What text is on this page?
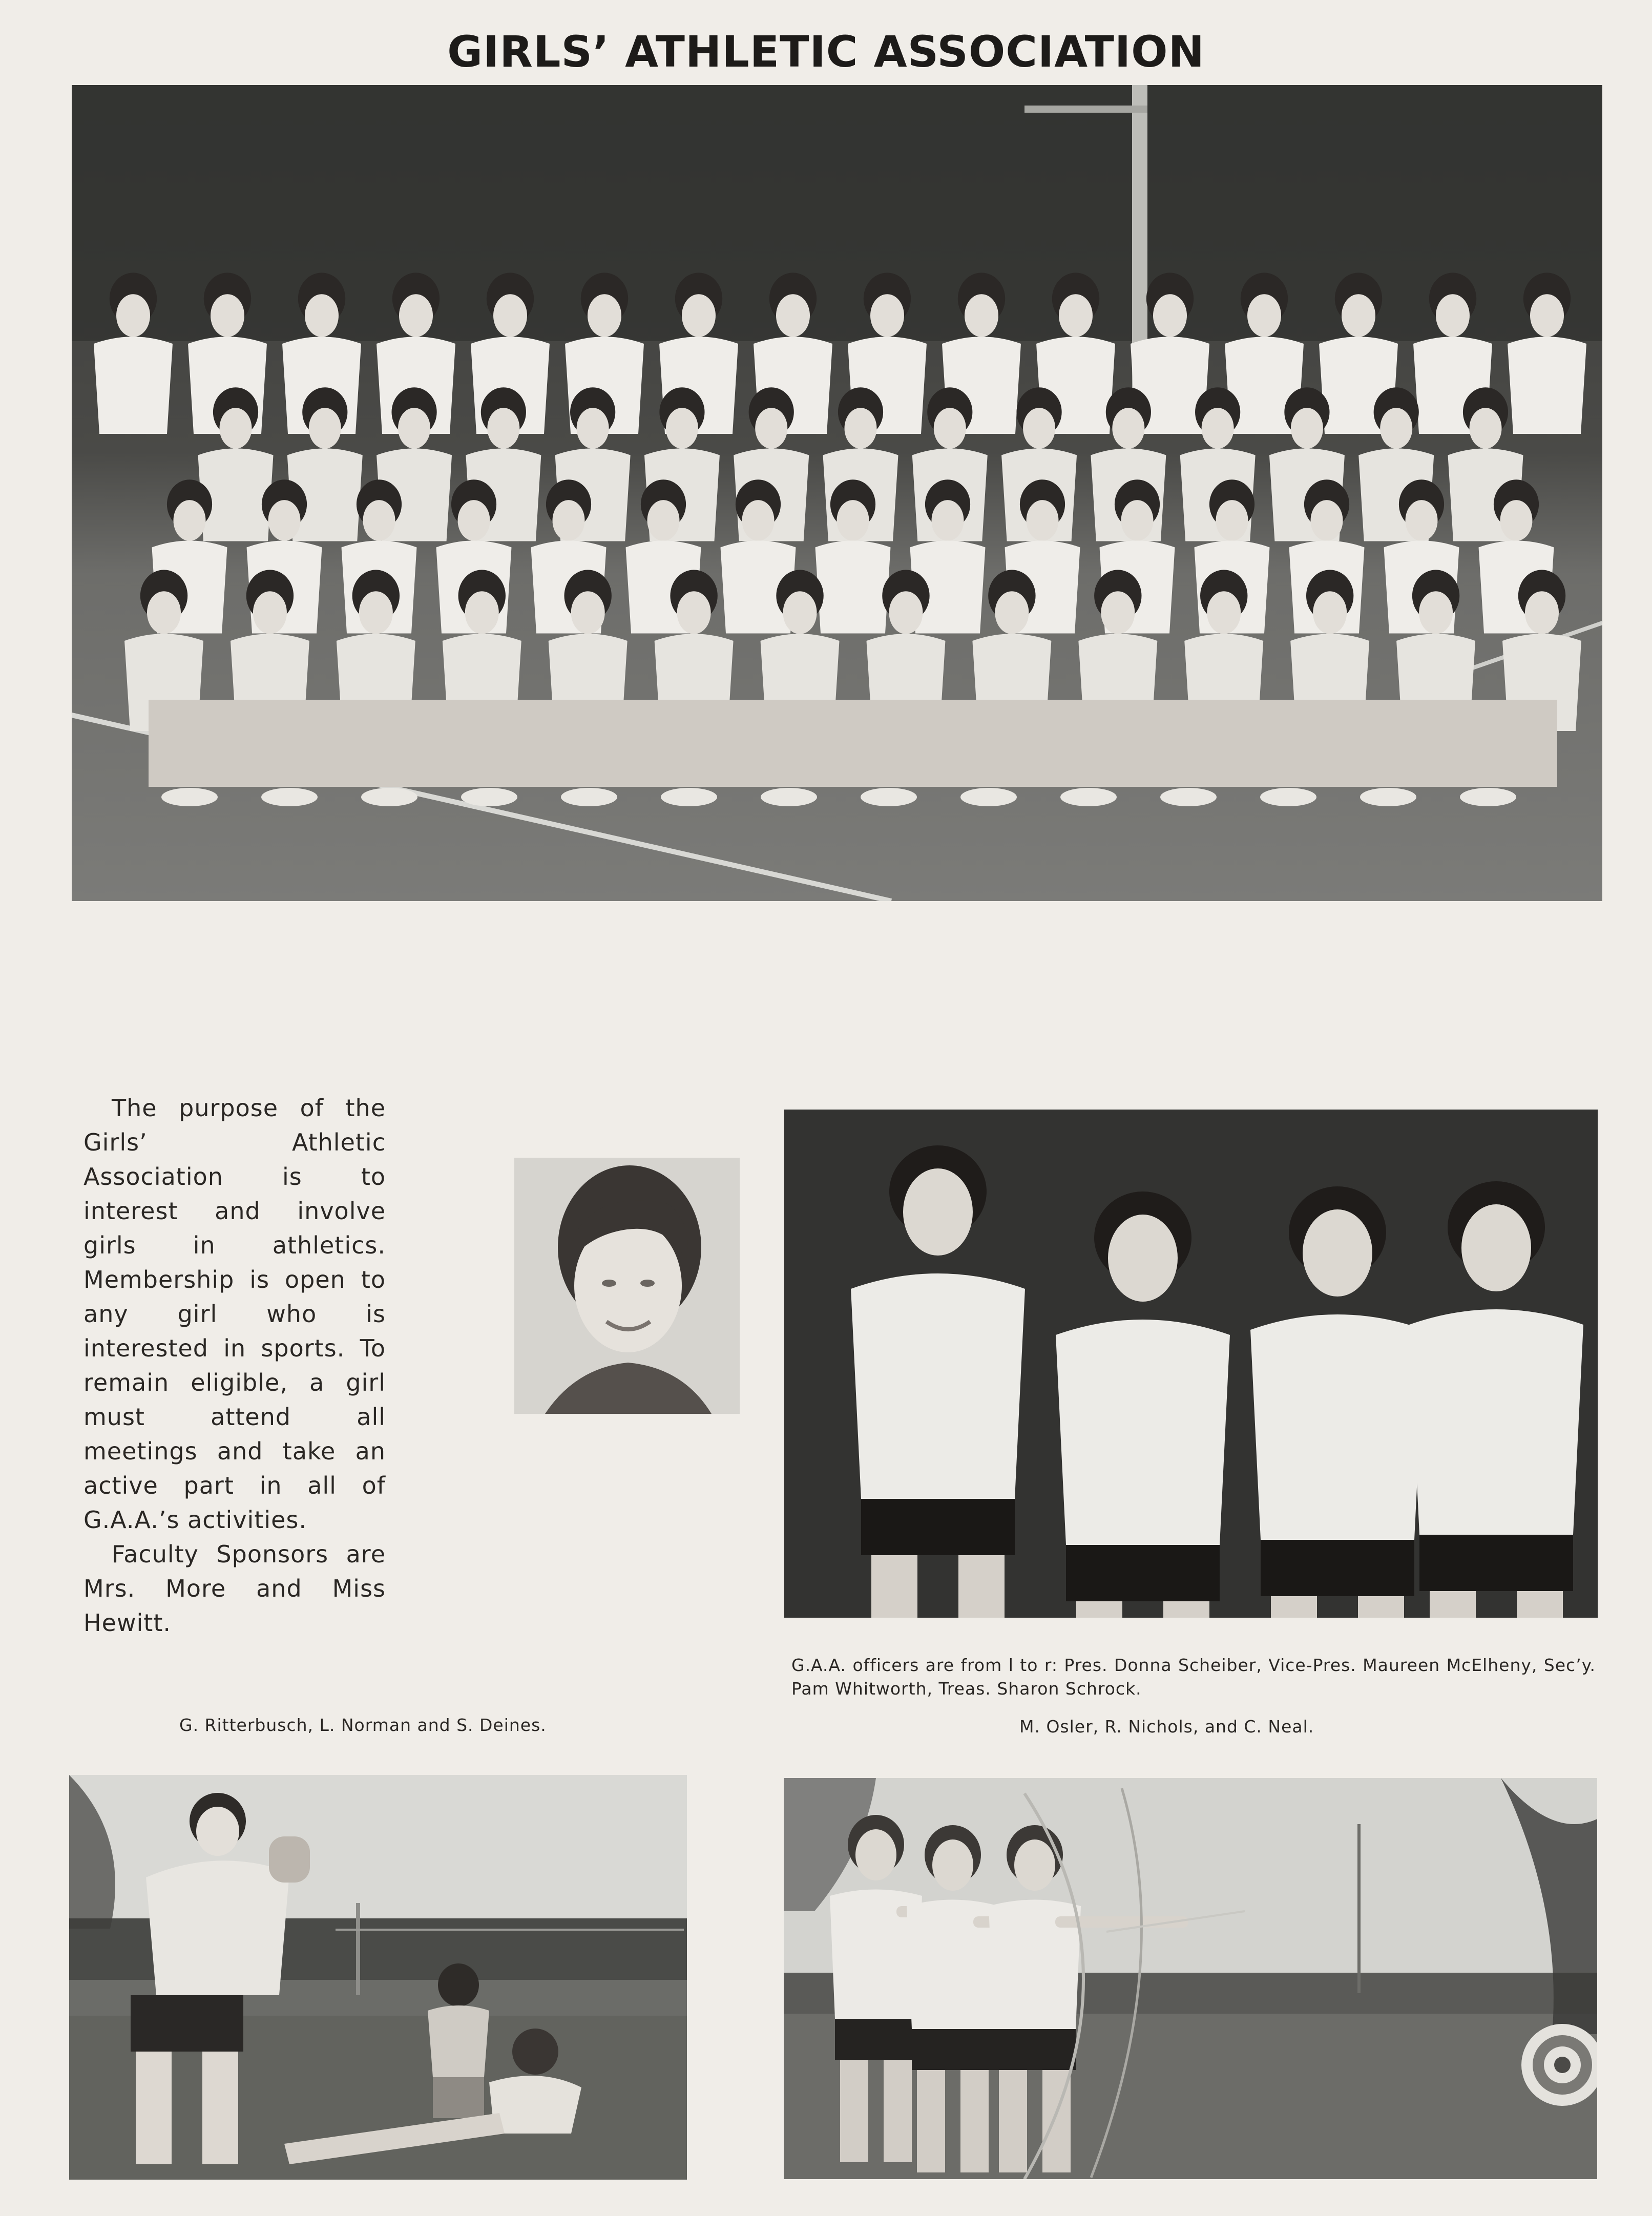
GIRLS’ ATHLETIC ASSOCIATION

The purpose of the Girls’ Athletic Association is to interest and involve girls in athletics. Membership is open to any girl who is interested in sports. To remain eligible, a girl must attend all meetings and take an active part in all of G.A.A.’s activities.

Faculty Sponsors are Mrs. More and Miss Hewitt.

G.A.A. officers are from l to r: Pres. Donna Scheiber, Vice-Pres. Maureen McElheny, Sec’y. Pam Whitworth, Treas. Sharon Schrock.
G. Ritterbusch, L. Norman and S. Deines.	M. Osler, R. Nichols, and C. Neal.
